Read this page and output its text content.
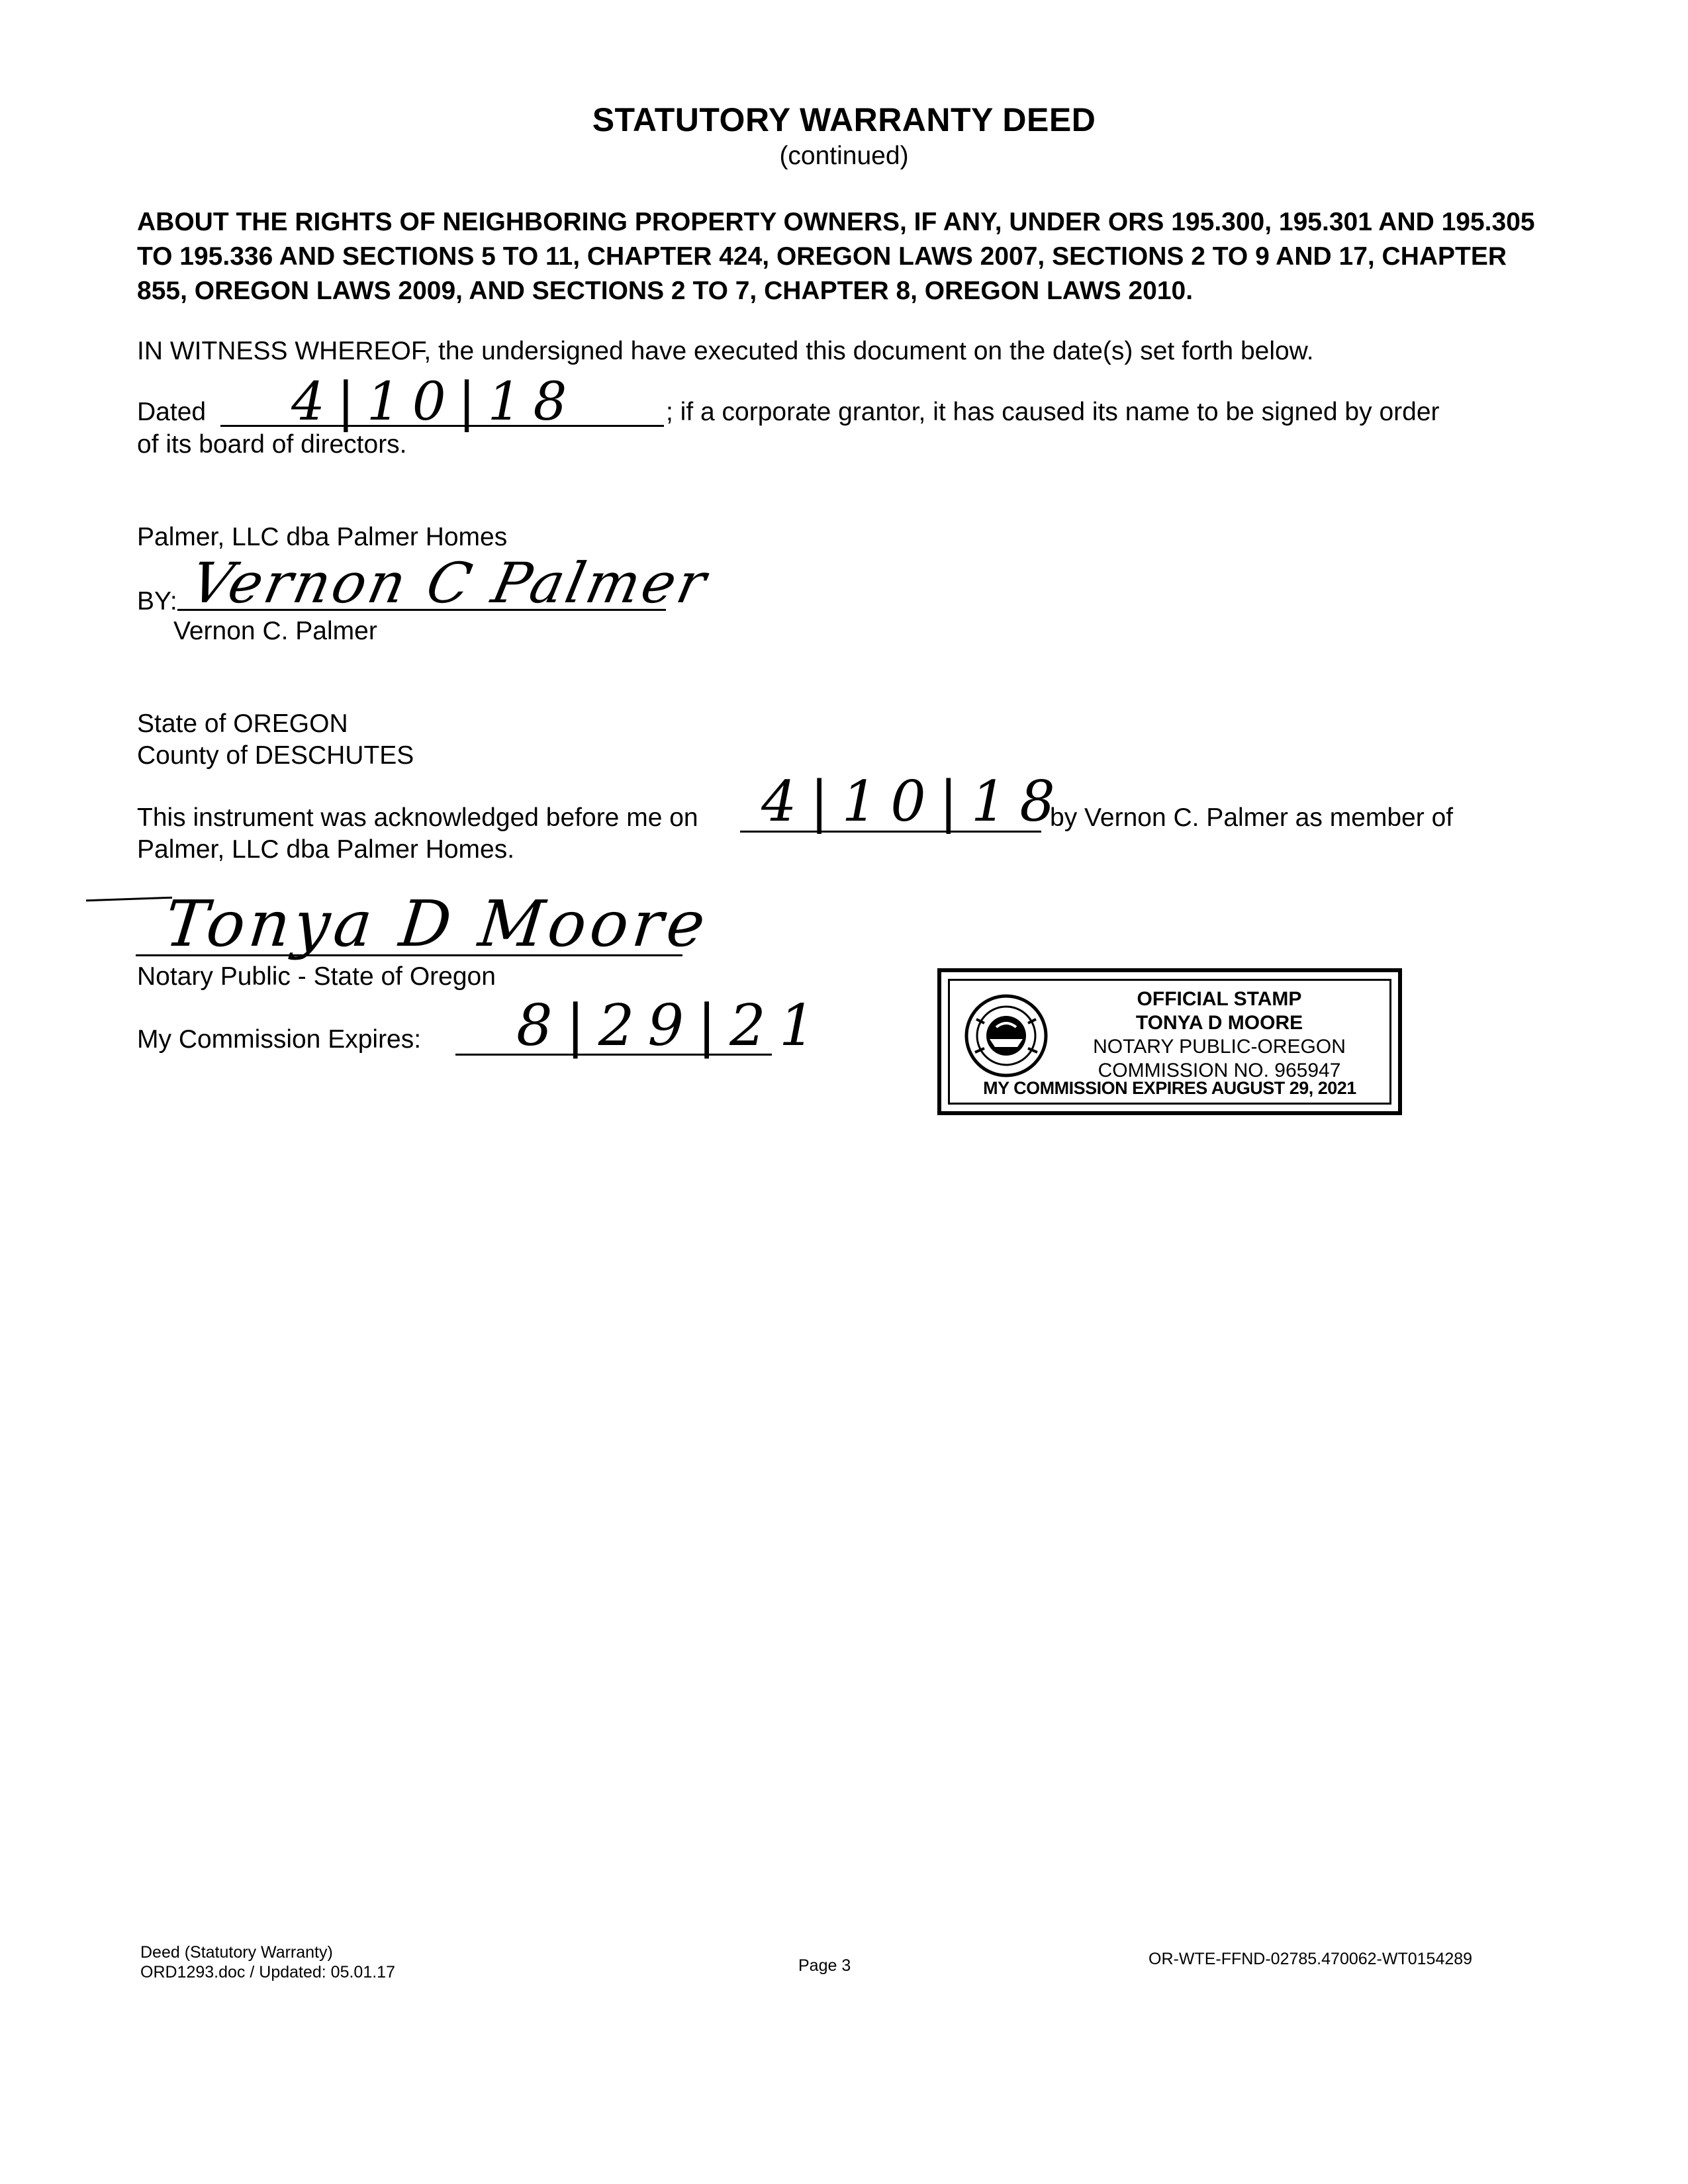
STATUTORY WARRANTY DEED
(continued)
ABOUT THE RIGHTS OF NEIGHBORING PROPERTY OWNERS, IF ANY, UNDER ORS 195.300, 195.301 AND 195.305 TO 195.336 AND SECTIONS 5 TO 11, CHAPTER 424, OREGON LAWS 2007, SECTIONS 2 TO 9 AND 17, CHAPTER 855, OREGON LAWS 2009, AND SECTIONS 2 TO 7, CHAPTER 8, OREGON LAWS 2010.
IN WITNESS WHEREOF, the undersigned have executed this document on the date(s) set forth below.
Dated 4|10|18	; if a corporate grantor, it has caused its name to be signed by order
of its board of directors.
Palmer, LLC dba Palmer Homes
BY: Vernon C Palmer
Vernon C. Palmer
State of OREGON
County of DESCHUTES
This instrument was acknowledged before me on 4|10|18
by Vernon C. Palmer as member of
Palmer, LLC dba Palmer Homes.
Tonya D Moore
Notary Public - State of Oregon
My Commission Expires: 8|29|21	OFFICIAL STAMP
TONYA D MOORE
NOTARY PUBLIC-OREGON
COMMISSION NO. 965947
MY COMMISSION EXPIRES AUGUST 29, 2021
Deed (Statutory Warranty)
ORD1293.doc / Updated: 05.01.17	Page 3	OR-WTE-FFND-02785.470062-WT0154289
